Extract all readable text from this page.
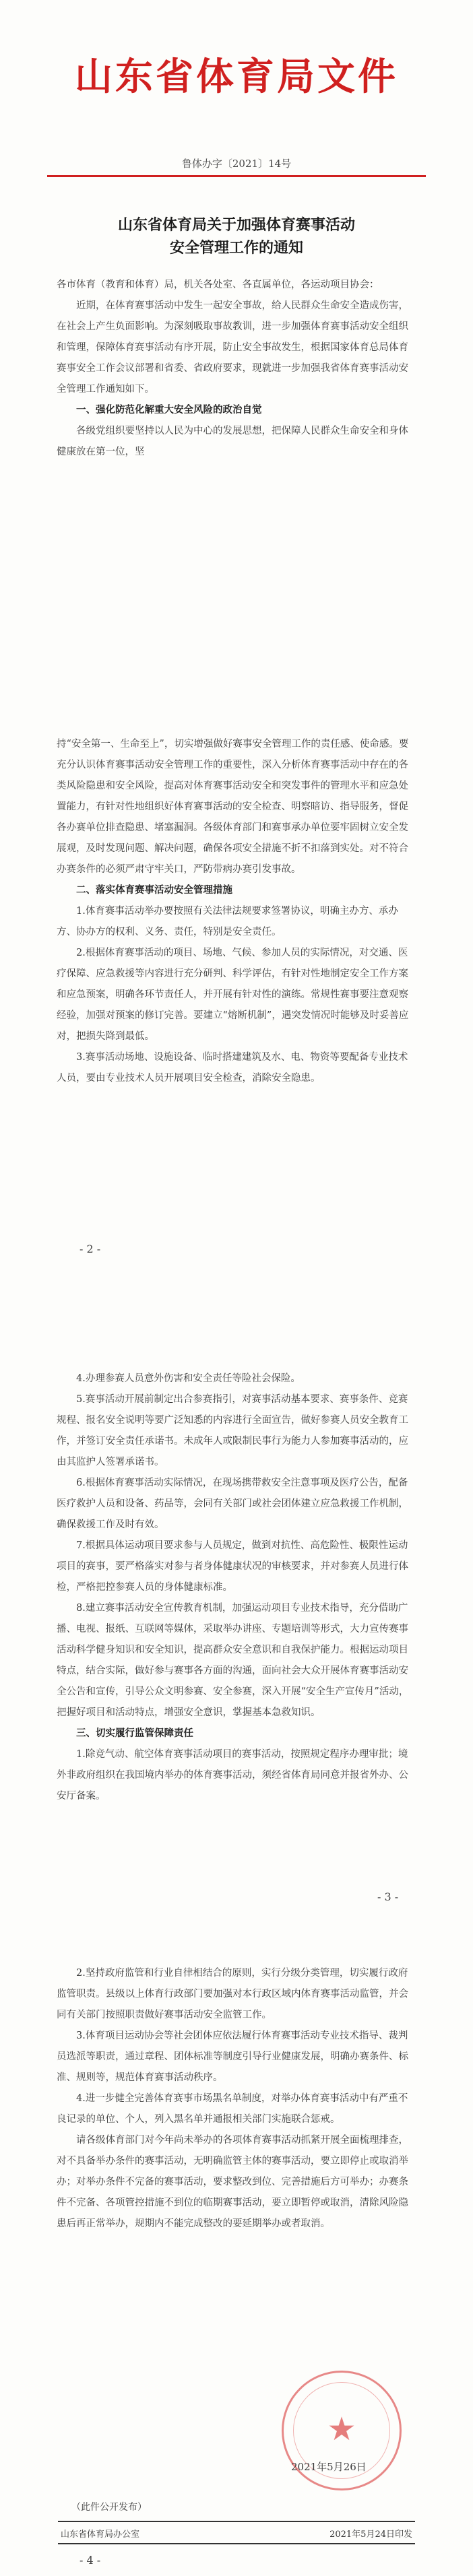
山东省体育局文件
鲁体办字〔2021〕14号
山东省体育局关于加强体育赛事活动
安全管理工作的通知

各市体育（教育和体育）局，机关各处室、各直属单位，各运动项目协会：

近期，在体育赛事活动中发生一起安全事故，给人民群众生命安全造成伤害，在社会上产生负面影响。为深刻吸取事故教训，进一步加强体育赛事活动安全组织和管理，保障体育赛事活动有序开展，防止安全事故发生，根据国家体育总局体育赛事安全工作会议部署和省委、省政府要求，现就进一步加强我省体育赛事活动安全管理工作通知如下。

一、强化防范化解重大安全风险的政治自觉

各级党组织要坚持以人民为中心的发展思想，把保障人民群众生命安全和身体健康放在第一位，坚

持“安全第一、生命至上”，切实增强做好赛事安全管理工作的责任感、使命感。要充分认识体育赛事活动安全管理工作的重要性，深入分析体育赛事活动中存在的各类风险隐患和安全风险，提高对体育赛事活动安全和突发事件的管理水平和应急处置能力，有针对性地组织好体育赛事活动的安全检查、明察暗访、指导服务，督促各办赛单位排查隐患、堵塞漏洞。各级体育部门和赛事承办单位要牢固树立安全发展观，及时发现问题、解决问题，确保各项安全措施不折不扣落到实处。对不符合办赛条件的必须严肃守牢关口，严防带病办赛引发事故。

二、落实体育赛事活动安全管理措施

1.体育赛事活动举办要按照有关法律法规要求签署协议，明确主办方、承办方、协办方的权利、义务、责任，特别是安全责任。

2.根据体育赛事活动的项目、场地、气候、参加人员的实际情况，对交通、医疗保障、应急救援等内容进行充分研判、科学评估，有针对性地制定安全工作方案和应急预案，明确各环节责任人，并开展有针对性的演练。常规性赛事要注意观察经验，加强对预案的修订完善。要建立“熔断机制”，遇突发情况时能够及时妥善应对，把损失降到最低。

3.赛事活动场地、设施设备、临时搭建建筑及水、电、物资等要配备专业技术人员，要由专业技术人员开展项目安全检查，消除安全隐患。

- 2 -

4.办理参赛人员意外伤害和安全责任等险社会保险。

5.赛事活动开展前制定出合参赛指引，对赛事活动基本要求、赛事条件、竞赛规程、报名安全说明等要广泛知悉的内容进行全面宣告，做好参赛人员安全教育工作，并签订安全责任承诺书。未成年人或限制民事行为能力人参加赛事活动的，应由其监护人签署承诺书。

6.根据体育赛事活动实际情况，在现场携带救安全注意事项及医疗公告，配备医疗救护人员和设备、药品等，会同有关部门或社会团体建立应急救援工作机制，确保救援工作及时有效。

7.根据具体运动项目要求参与人员规定，做到对抗性、高危险性、极限性运动项目的赛事，要严格落实对参与者身体健康状况的审核要求，并对参赛人员进行体检，严格把控参赛人员的身体健康标准。

8.建立赛事活动安全宣传教育机制，加强运动项目专业技术指导，充分借助广播、电视、报纸、互联网等媒体，采取举办讲座、专题培训等形式，大力宣传赛事活动科学健身知识和安全知识，提高群众安全意识和自我保护能力。根据运动项目特点，结合实际，做好参与赛事各方面的沟通，面向社会大众开展体育赛事活动安全公告和宣传，引导公众文明参赛、安全参赛，深入开展“安全生产宣传月”活动，把握好项目和活动特点，增强安全意识，掌握基本急救知识。

三、切实履行监管保障责任

1.除竞气动、航空体育赛事活动项目的赛事活动，按照规定程序办理审批；境外非政府组织在我国境内举办的体育赛事活动，须经省体育局同意并报省外办、公安厅备案。

- 3 -

2.坚持政府监管和行业自律相结合的原则，实行分级分类管理，切实履行政府监管职责。县级以上体育行政部门要加强对本行政区域内体育赛事活动监管，并会同有关部门按照职责做好赛事活动安全监管工作。

3.体育项目运动协会等社会团体应依法履行体育赛事活动专业技术指导、裁判员选派等职责，通过章程、团体标准等制度引导行业健康发展，明确办赛条件、标准、规则等，规范体育赛事活动秩序。

4.进一步健全完善体育赛事市场黑名单制度，对举办体育赛事活动中有严重不良记录的单位、个人，列入黑名单并通报相关部门实施联合惩戒。

请各级体育部门对今年尚未举办的各项体育赛事活动抓紧开展全面梳理排查，对不具备举办条件的赛事活动，无明确监管主体的赛事活动，要立即停止或取消举办；对举办条件不完备的赛事活动，要求整改到位、完善措施后方可举办；办赛条件不完备、各项管控措施不到位的临期赛事活动，要立即暂停或取消，清除风险隐患后再正常举办，规期内不能完成整改的要延期举办或者取消。

★
2021年5月26日
（此件公开发布）
山东省体育局办公室	2021年5月24日印发
- 4 -
